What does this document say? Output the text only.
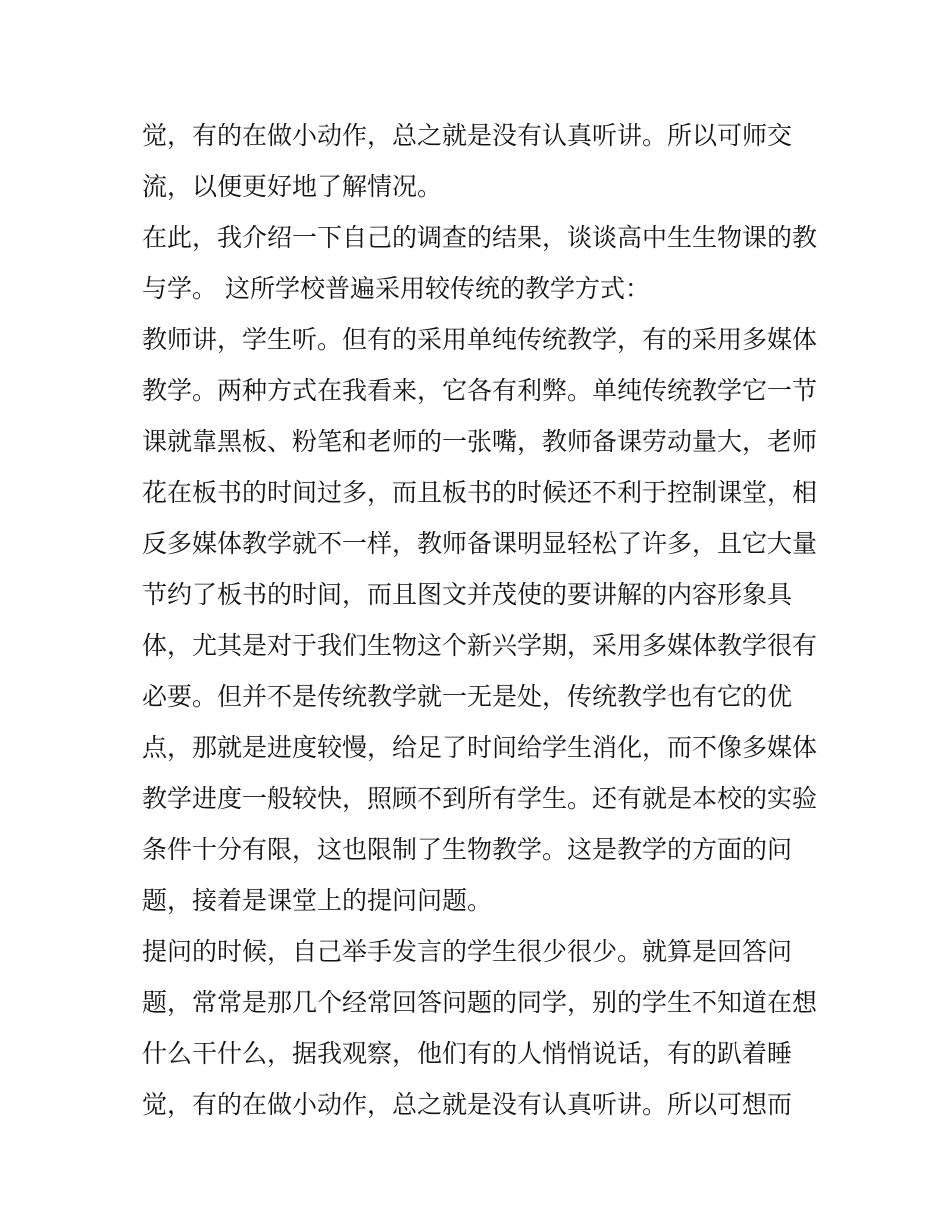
觉，有的在做小动作，总之就是没有认真听讲。所以可师交
流，以便更好地了解情况。
在此，我介绍一下自己的调查的结果，谈谈高中生生物课的教
与学。 这所学校普遍采用较传统的教学方式：
教师讲，学生听。但有的采用单纯传统教学，有的采用多媒体
教学。两种方式在我看来，它各有利弊。单纯传统教学它一节
课就靠黑板、粉笔和老师的一张嘴，教师备课劳动量大，老师
花在板书的时间过多，而且板书的时候还不利于控制课堂，相
反多媒体教学就不一样，教师备课明显轻松了许多，且它大量
节约了板书的时间，而且图文并茂使的要讲解的内容形象具
体，尤其是对于我们生物这个新兴学期，采用多媒体教学很有
必要。但并不是传统教学就一无是处，传统教学也有它的优
点，那就是进度较慢，给足了时间给学生消化，而不像多媒体
教学进度一般较快，照顾不到所有学生。还有就是本校的实验
条件十分有限，这也限制了生物教学。这是教学的方面的问
题，接着是课堂上的提问问题。
提问的时候，自己举手发言的学生很少很少。就算是回答问
题，常常是那几个经常回答问题的同学，别的学生不知道在想
什么干什么，据我观察，他们有的人悄悄说话，有的趴着睡
觉，有的在做小动作，总之就是没有认真听讲。所以可想而
